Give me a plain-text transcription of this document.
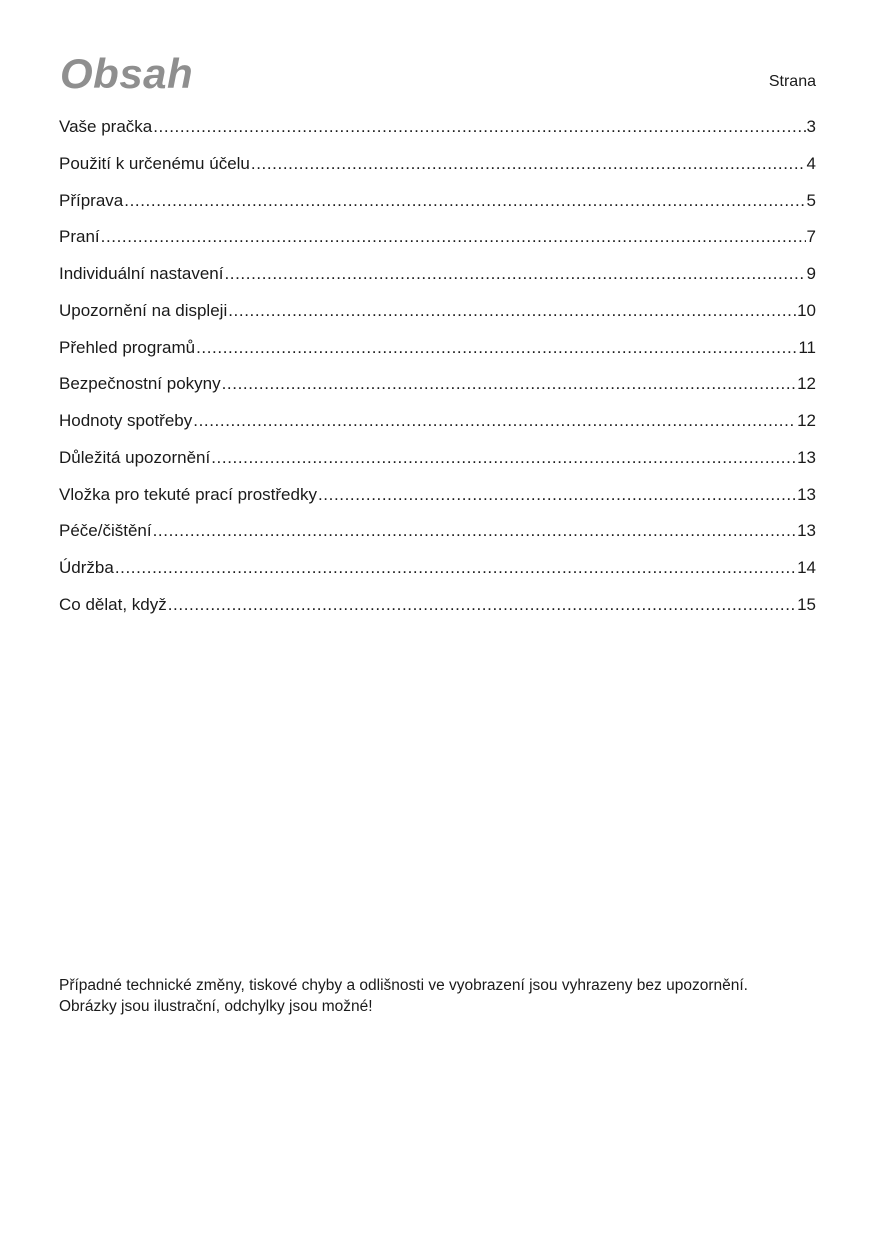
Obsah	Strana
Vaše pračka .....	3
Použití k určenému účelu .....	4
Příprava .....	5
Praní .....	7
Individuální nastavení .....	9
Upozornění na displeji .....	10
Přehled programů .....	11
Bezpečnostní pokyny .....	12
Hodnoty spotřeby .....	12
Důležitá upozornění .....	13
Vložka pro tekuté prací prostředky .....	13
Péče/čištění .....	13
Údržba .....	14
Co dělat, když .....	15

Případné technické změny, tiskové chyby a odlišnosti ve vyobrazení jsou vyhrazeny bez upozornění.

Obrázky jsou ilustrační, odchylky jsou možné!
